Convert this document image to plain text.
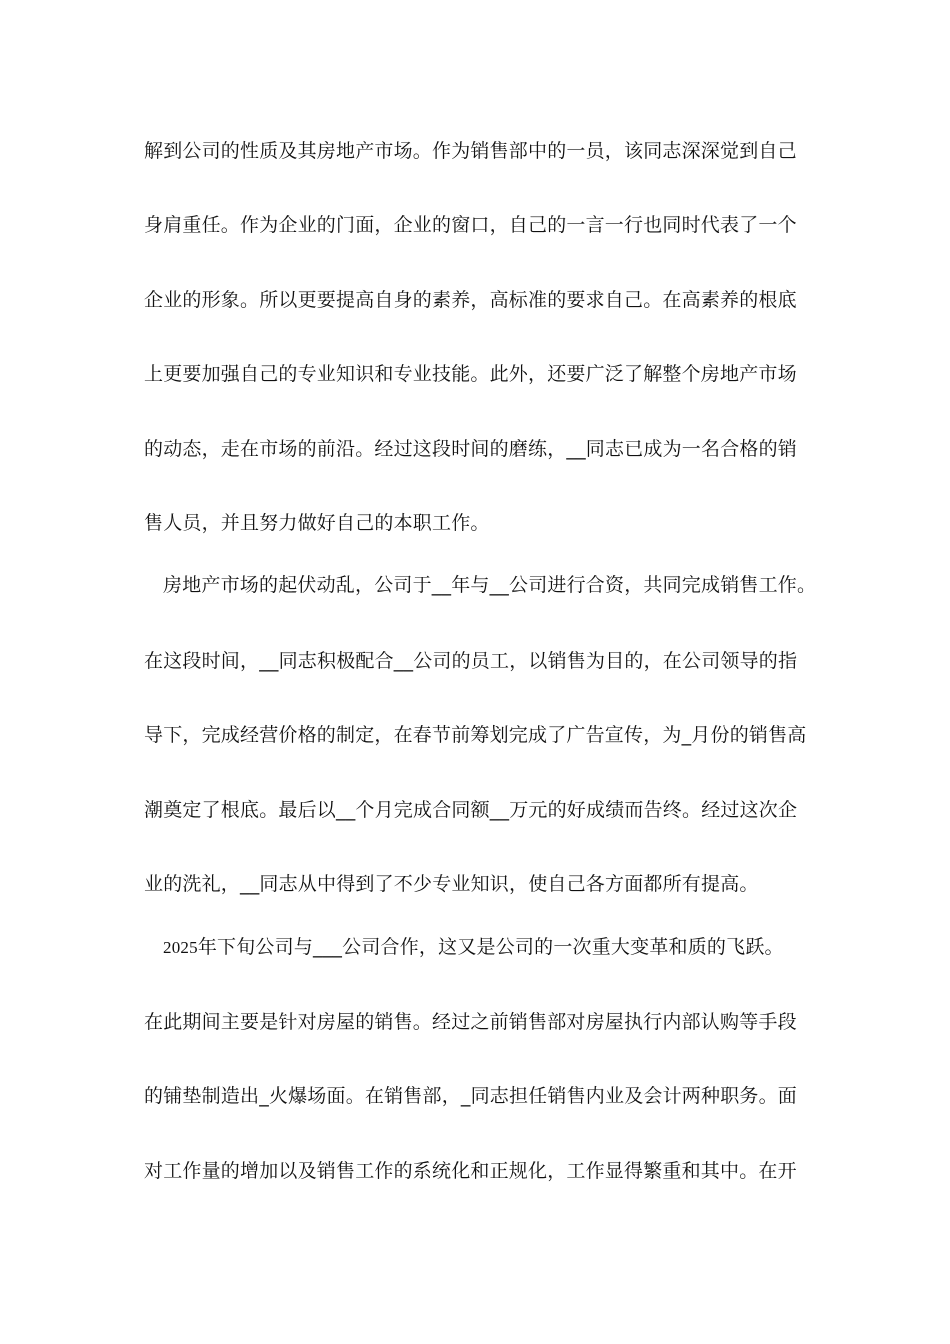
解到公司的性质及其房地产市场。作为销售部中的一员，该同志深深觉到自己
身肩重任。作为企业的门面，企业的窗口，自己的一言一行也同时代表了一个
企业的形象。所以更要提高自身的素养，高标准的要求自己。在高素养的根底
上更要加强自己的专业知识和专业技能。此外，还要广泛了解整个房地产市场
的动态，走在市场的前沿。经过这段时间的磨练，__同志已成为一名合格的销
售人员，并且努力做好自己的本职工作。
房地产市场的起伏动乱，公司于__年与__公司进行合资，共同完成销售工作。
在这段时间，__同志积极配合__公司的员工，以销售为目的，在公司领导的指
导下，完成经营价格的制定，在春节前筹划完成了广告宣传，为_月份的销售高
潮奠定了根底。最后以__个月完成合同额__万元的好成绩而告终。经过这次企
业的洗礼，__同志从中得到了不少专业知识，使自己各方面都所有提高。
2025年下旬公司与___公司合作，这又是公司的一次重大变革和质的飞跃。
在此期间主要是针对房屋的销售。经过之前销售部对房屋执行内部认购等手段
的铺垫制造出_火爆场面。在销售部，_同志担任销售内业及会计两种职务。面
对工作量的增加以及销售工作的系统化和正规化，工作显得繁重和其中。在开
